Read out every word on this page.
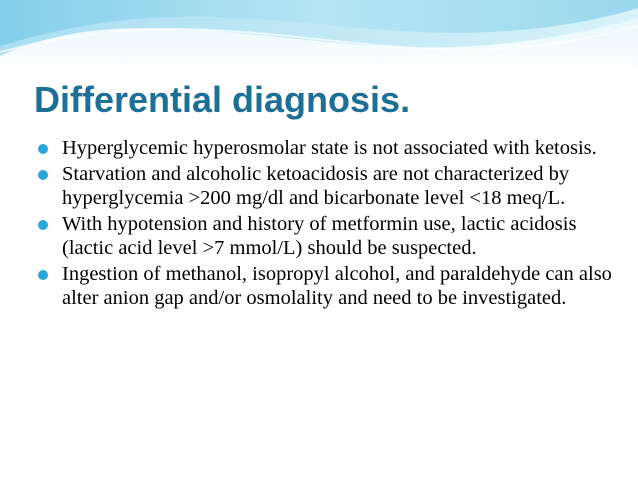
Differential diagnosis.
Hyperglycemic hyperosmolar state is not associated with ketosis.
Starvation and alcoholic ketoacidosis are not characterized by hyperglycemia >200 mg/dl and bicarbonate level <18 meq/L.
With hypotension and history of metformin use, lactic acidosis (lactic acid level >7 mmol/L) should be suspected.
Ingestion of methanol, isopropyl alcohol, and paraldehyde can also alter anion gap and/or osmolality and need to be investigated.
